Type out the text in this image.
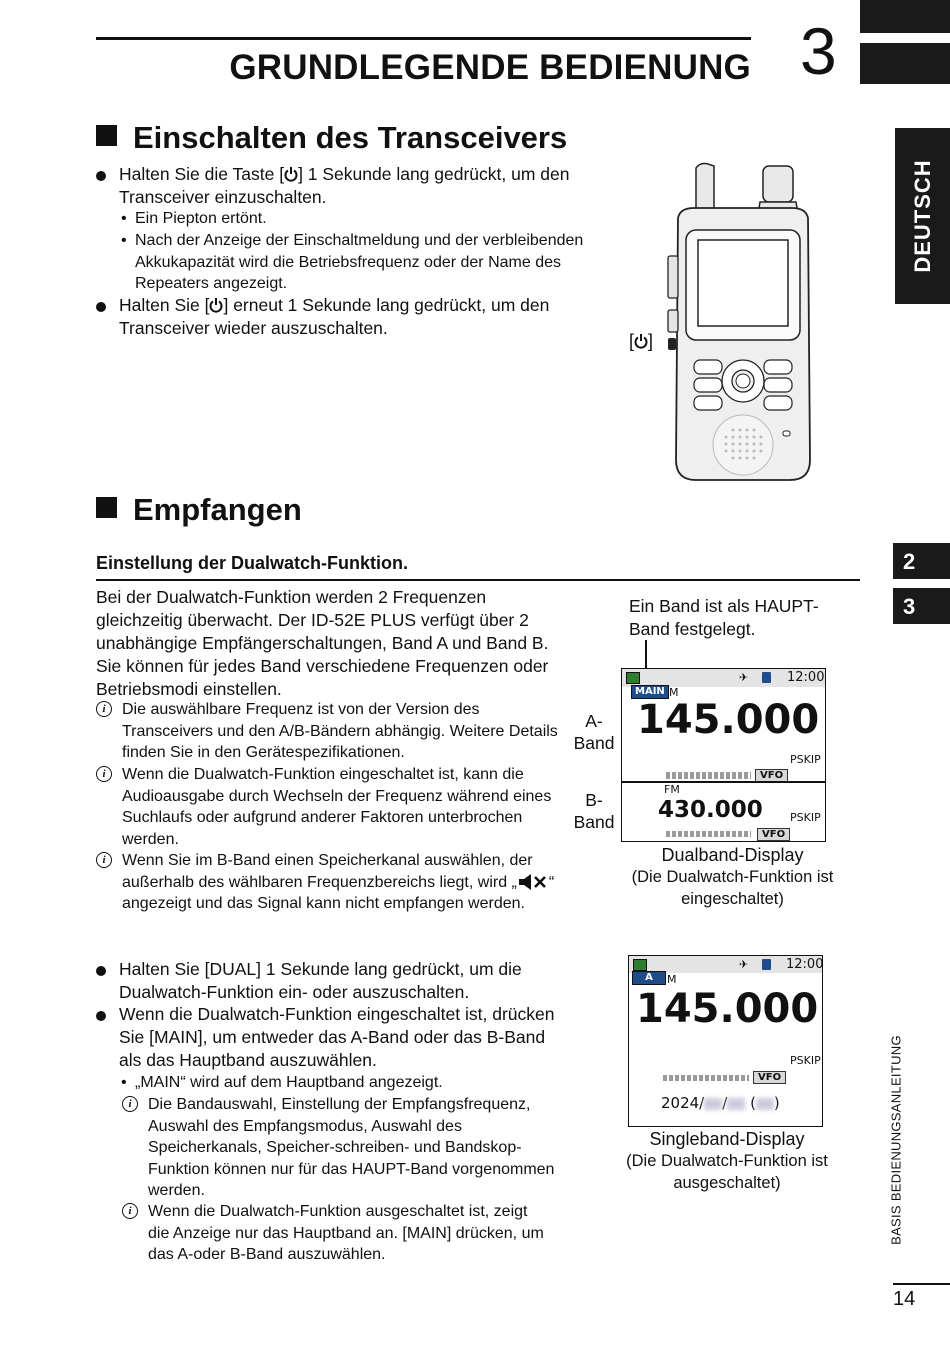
GRUNDLEGENDE BEDIENUNG 3
DEUTSCH
2
3
BASIS BEDIENUNGSANLEITUNG
14
Einschalten des Transceivers
Halten Sie die Taste [ ] 1 Sekunde lang gedrückt, um den Transceiver einzuschalten.
• Ein Piepton ertönt.
• Nach der Anzeige der Einschaltmeldung und der verbleibenden Akkukapazität wird die Betriebsfrequenz oder der Name des Repeaters angezeigt.
Halten Sie [ ] erneut 1 Sekunde lang gedrückt, um den Transceiver wieder auszuschalten.
[ ]
Empfangen
Einstellung der Dualwatch-Funktion.
Bei der Dualwatch-Funktion werden 2 Frequenzen gleichzeitig überwacht. Der ID-52E PLUS verfügt über 2 unabhängige Empfängerschaltungen, Band A und Band B. Sie können für jedes Band verschiedene Frequenzen oder Betriebsmodi einstellen.
i	Die auswählbare Frequenz ist von der Version des Transceivers und den A/B-Bändern abhängig. Weitere Details finden Sie in den Gerätespezifikationen.
i	Wenn die Dualwatch-Funktion eingeschaltet ist, kann die Audioausgabe durch Wechseln der Frequenz während eines Suchlaufs oder aufgrund anderer Faktoren unterbrochen werden.
i	Wenn Sie im B-Band einen Speicherkanal auswählen, der außerhalb des wählbaren Frequenzbereichs liegt, wird „ “ angezeigt und das Signal kann nicht empfangen werden.
Halten Sie [DUAL] 1 Sekunde lang gedrückt, um die Dualwatch-Funktion ein- oder auszuschalten.
Wenn die Dualwatch-Funktion eingeschaltet ist, drücken Sie [MAIN], um entweder das A-Band oder das B-Band als das Hauptband auszuwählen.
• „MAIN“ wird auf dem Hauptband angezeigt.
i	Die Bandauswahl, Einstellung der Empfangsfrequenz, Auswahl des Empfangsmodus, Auswahl des Speicherkanals, Speicher-schreiben- und Bandskop-Funktion können nur für das HAUPT-Band vorgenommen werden.
i	Wenn die Dualwatch-Funktion ausgeschaltet ist, zeigt die Anzeige nur das Hauptband an. [MAIN] drücken, um das A-oder B-Band auszuwählen.
Ein Band ist als HAUPT-Band festgelegt.
A-
Band
B-
Band
✈	12:00
MAIN M
145.000
PSKIP
VFO
FM
430.000 PSKIP
VFO
Dualband-Display
(Die Dualwatch-Funktion ist eingeschaltet)
✈	12:00
A	M
145.000
PSKIP
VFO
2024/ / ( )
Singleband-Display
(Die Dualwatch-Funktion ist ausgeschaltet)
